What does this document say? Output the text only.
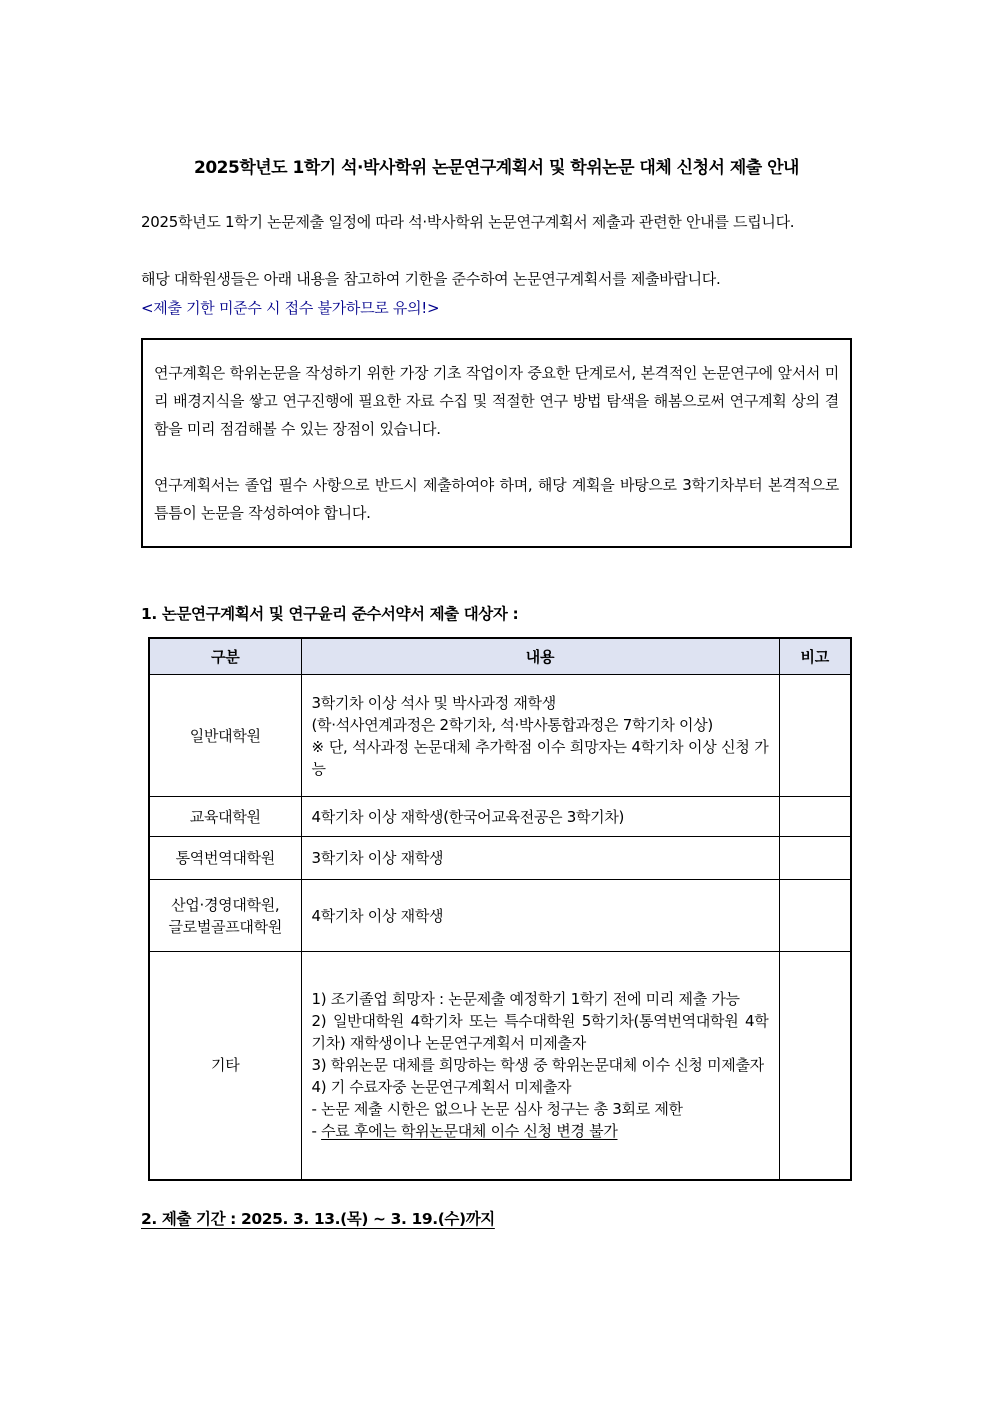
2025학년도 1학기 석·박사학위 논문연구계획서 및 학위논문 대체 신청서 제출 안내

2025학년도 1학기 논문제출 일정에 따라 석·박사학위 논문연구계획서 제출과 관련한 안내를 드립니다.

해당 대학원생들은 아래 내용을 참고하여 기한을 준수하여 논문연구계획서를 제출바랍니다.

<제출 기한 미준수 시 접수 불가하므로 유의!>

연구계획은 학위논문을 작성하기 위한 가장 기초 작업이자 중요한 단계로서, 본격적인 논문연구에 앞서서 미리 배경지식을 쌓고 연구진행에 필요한 자료 수집 및 적절한 연구 방법 탐색을 해봄으로써 연구계획 상의 결함을 미리 점검해볼 수 있는 장점이 있습니다.

연구계획서는 졸업 필수 사항으로 반드시 제출하여야 하며, 해당 계획을 바탕으로 3학기차부터 본격적으로 틈틈이 논문을 작성하여야 합니다.

1. 논문연구계획서 및 연구윤리 준수서약서 제출 대상자 :
구분	내용	비고

일반대학원	3학기차 이상 석사 및 박사과정 재학생
(학·석사연계과정은 2학기차, 석·박사통합과정은 7학기차 이상)
※ 단, 석사과정 논문대체 추가학점 이수 희망자는 4학기차 이상 신청 가능	

교육대학원	4학기차 이상 재학생(한국어교육전공은 3학기차)	

통역번역대학원	3학기차 이상 재학생	

산업·경영대학원,
글로벌골프대학원	4학기차 이상 재학생	

기타

1) 조기졸업 희망자 : 논문제출 예정학기 1학기 전에 미리 제출 가능
2) 일반대학원 4학기차 또는 특수대학원 5학기차(통역번역대학원 4학기차) 재학생이나 논문연구계획서 미제출자
3) 학위논문 대체를 희망하는 학생 중 학위논문대체 이수 신청 미제출자
4) 기 수료자중 논문연구계획서 미제출자
- 논문 제출 시한은 없으나 논문 심사 청구는 총 3회로 제한
- 수료 후에는 학위논문대체 이수 신청 변경 불가

2. 제출 기간 : 2025. 3. 13.(목) ~ 3. 19.(수)까지
